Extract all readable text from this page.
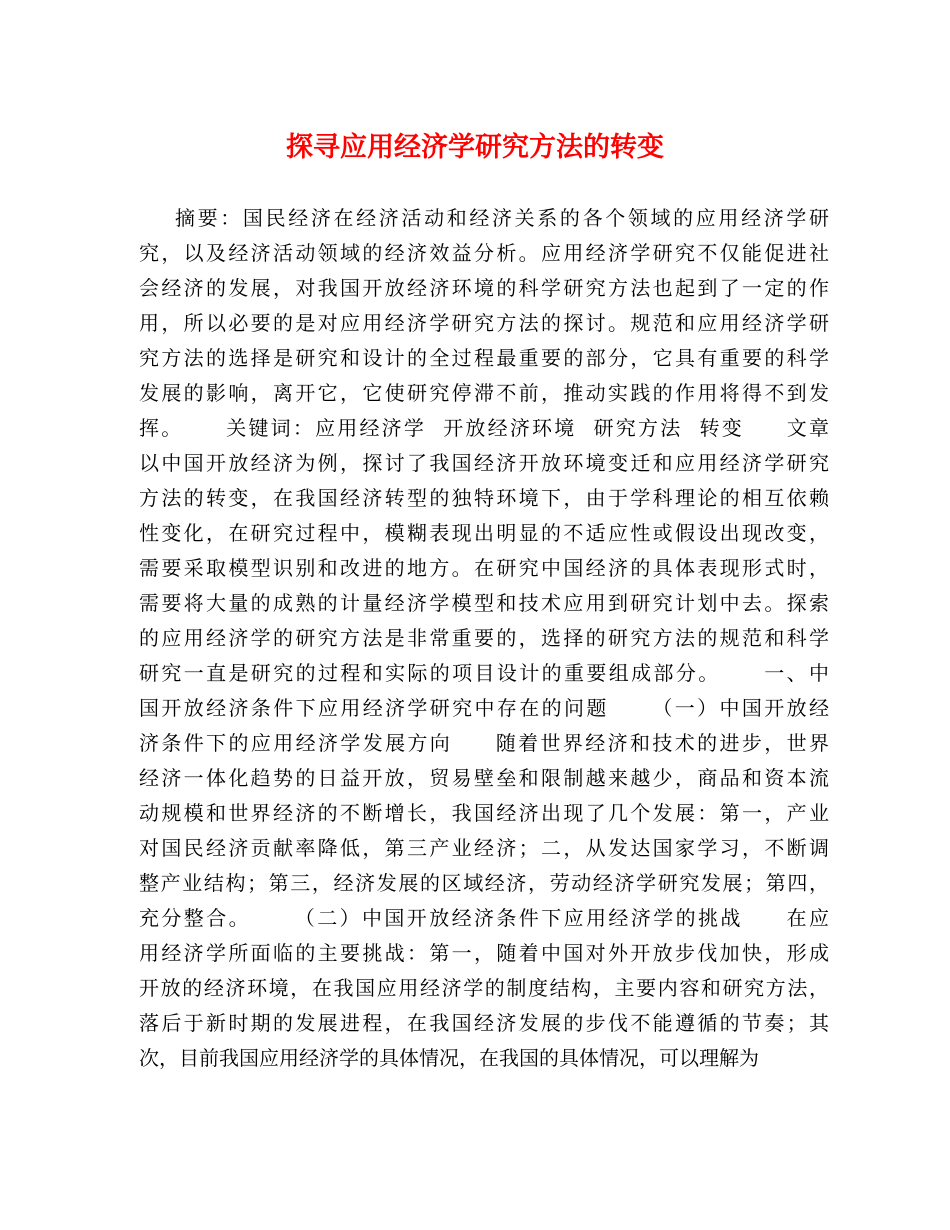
探寻应用经济学研究方法的转变
摘要：国民经济在经济活动和经济关系的各个领域的应用经济学研
究，以及经济活动领域的经济效益分析。应用经济学研究不仅能促进社
会经济的发展，对我国开放经济环境的科学研究方法也起到了一定的作
用，所以必要的是对应用经济学研究方法的探讨。规范和应用经济学研
究方法的选择是研究和设计的全过程最重要的部分，它具有重要的科学
发展的影响，离开它，它使研究停滞不前，推动实践的作用将得不到发
挥。     关键词：应用经济学  开放经济环境  研究方法  转变     文章
以中国开放经济为例，探讨了我国经济开放环境变迁和应用经济学研究
方法的转变，在我国经济转型的独特环境下，由于学科理论的相互依赖
性变化，在研究过程中，模糊表现出明显的不适应性或假设出现改变，
需要采取模型识别和改进的地方。在研究中国经济的具体表现形式时，
需要将大量的成熟的计量经济学模型和技术应用到研究计划中去。探索
的应用经济学的研究方法是非常重要的，选择的研究方法的规范和科学
研究一直是研究的过程和实际的项目设计的重要组成部分。     一、中
国开放经济条件下应用经济学研究中存在的问题     （一）中国开放经
济条件下的应用经济学发展方向     随着世界经济和技术的进步，世界
经济一体化趋势的日益开放，贸易壁垒和限制越来越少，商品和资本流
动规模和世界经济的不断增长，我国经济出现了几个发展：第一，产业
对国民经济贡献率降低，第三产业经济；二，从发达国家学习，不断调
整产业结构；第三，经济发展的区域经济，劳动经济学研究发展；第四，
充分整合。     （二）中国开放经济条件下应用经济学的挑战     在应
用经济学所面临的主要挑战：第一，随着中国对外开放步伐加快，形成
开放的经济环境，在我国应用经济学的制度结构，主要内容和研究方法，
落后于新时期的发展进程，在我国经济发展的步伐不能遵循的节奏；其
次，目前我国应用经济学的具体情况，在我国的具体情况，可以理解为
